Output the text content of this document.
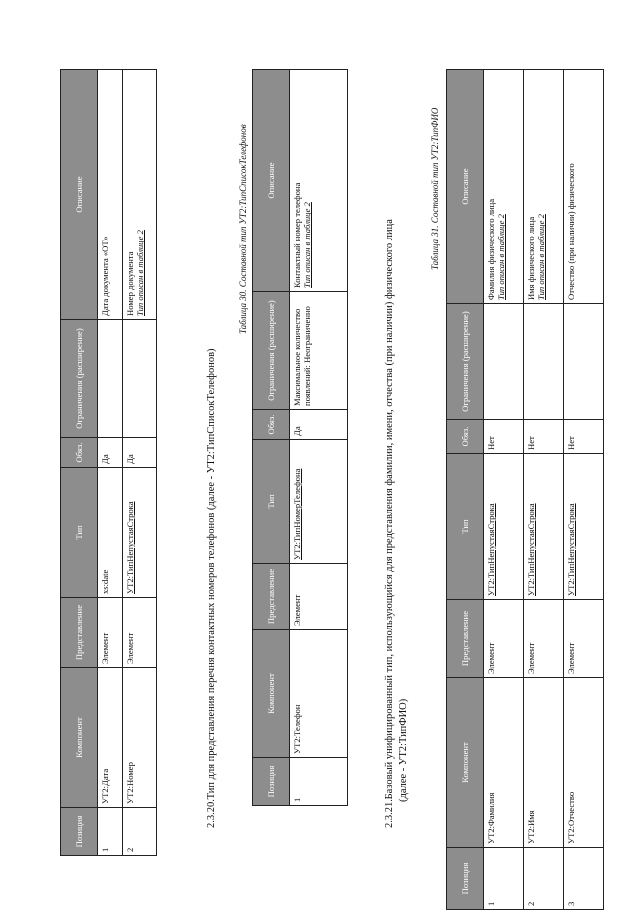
Позиция	Компонент	Представление	Тип	Обяз.	Ограничения (расширение)	Описание
1	УТ2:Дата	Элемент	xs:date	Да		Дата документа «ОТ»
2	УТ2:Номер	Элемент	УТ2:ТипНепустаяСтрока	Да		Номер документа Тип описан в таблице 2
2.3.20. Тип для представления перечня контактных номеров телефонов (далее - УТ2:ТипСписокТелефонов)
Таблица 30. Составной тип УТ2:ТипСписокТелефонов
Позиция	Компонент	Представление	Тип	Обяз.	Ограничения (расширение)	Описание
1	УТ2:Телефон	Элемент	УТ2:ТипНомерТелефона	Да	Максимальное количество появлений: Неограниченно	Контактный номер телефона Тип описан в таблице 2
2.3.21. Базовый унифицированный тип, использующийся для представления фамилии, имени, отчества (при наличии) физического лица (далее - УТ2:ТипФИО)
Таблица 31. Составной тип УТ2:ТипФИО
Позиция	Компонент	Представление	Тип	Обяз.	Ограничения (расширение)	Описание
1	УТ2:Фамилия	Элемент	УТ2:ТипНепустаяСтрока	Нет		Фамилия физического лица Тип описан в таблице 2

2	УТ2:Имя	Элемент	УТ2:ТипНепустаяСтрока	Нет		Имя физического лица Тип описан в таблице 2

3	УТ2:Отчество	Элемент	УТ2:ТипНепустаяСтрока	Нет		Отчество (при наличии) физического
